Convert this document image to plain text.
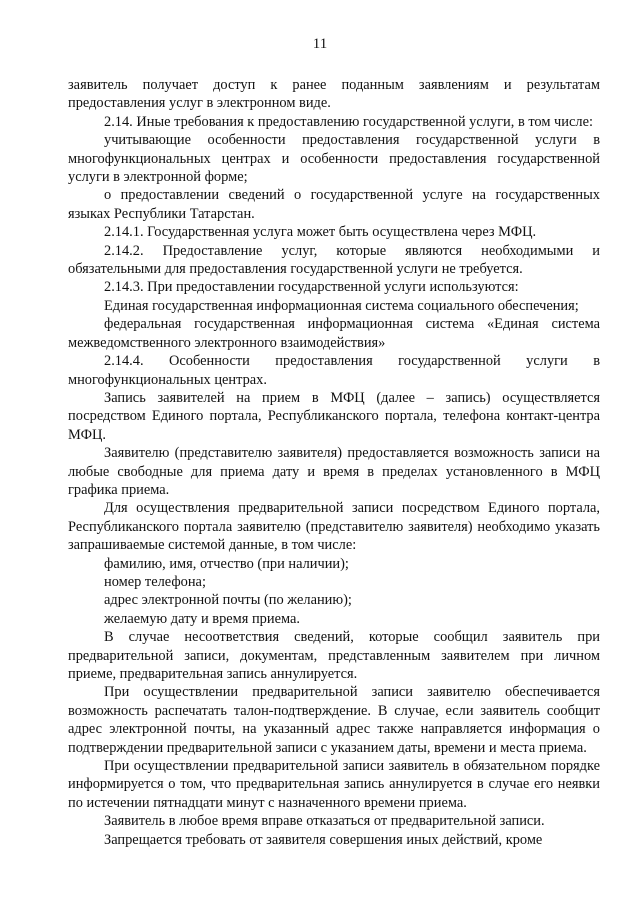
11

заявитель получает доступ к ранее поданным заявлениям и результатам предоставления услуг в электронном виде.

2.14. Иные требования к предоставлению государственной услуги, в том числе:

учитывающие особенности предоставления государственной услуги в многофункциональных центрах и особенности предоставления государственной услуги в электронной форме;

о предоставлении сведений о государственной услуге на государственных языках Республики Татарстан.

2.14.1. Государственная услуга может быть осуществлена через МФЦ.

2.14.2. Предоставление услуг, которые являются необходимыми и обязательными для предоставления государственной услуги не требуется.

2.14.3. При предоставлении государственной услуги используются:

Единая государственная информационная система социального обеспечения;

федеральная государственная информационная система «Единая система межведомственного электронного взаимодействия»

2.14.4. Особенности предоставления государственной услуги в многофункциональных центрах.

Запись заявителей на прием в МФЦ (далее – запись) осуществляется посредством Единого портала, Республиканского портала, телефона контакт-центра МФЦ.

Заявителю (представителю заявителя) предоставляется возможность записи на любые свободные для приема дату и время в пределах установленного в МФЦ графика приема.

Для осуществления предварительной записи посредством Единого портала, Республиканского портала заявителю (представителю заявителя) необходимо указать запрашиваемые системой данные, в том числе:

фамилию, имя, отчество (при наличии);

номер телефона;

адрес электронной почты (по желанию);

желаемую дату и время приема.

В случае несоответствия сведений, которые сообщил заявитель при предварительной записи, документам, представленным заявителем при личном приеме, предварительная запись аннулируется.

При осуществлении предварительной записи заявителю обеспечивается возможность распечатать талон-подтверждение. В случае, если заявитель сообщит адрес электронной почты, на указанный адрес также направляется информация о подтверждении предварительной записи с указанием даты, времени и места приема.

При осуществлении предварительной записи заявитель в обязательном порядке информируется о том, что предварительная запись аннулируется в случае его неявки по истечении пятнадцати минут с назначенного времени приема.

Заявитель в любое время вправе отказаться от предварительной записи.

Запрещается требовать от заявителя совершения иных действий, кроме
